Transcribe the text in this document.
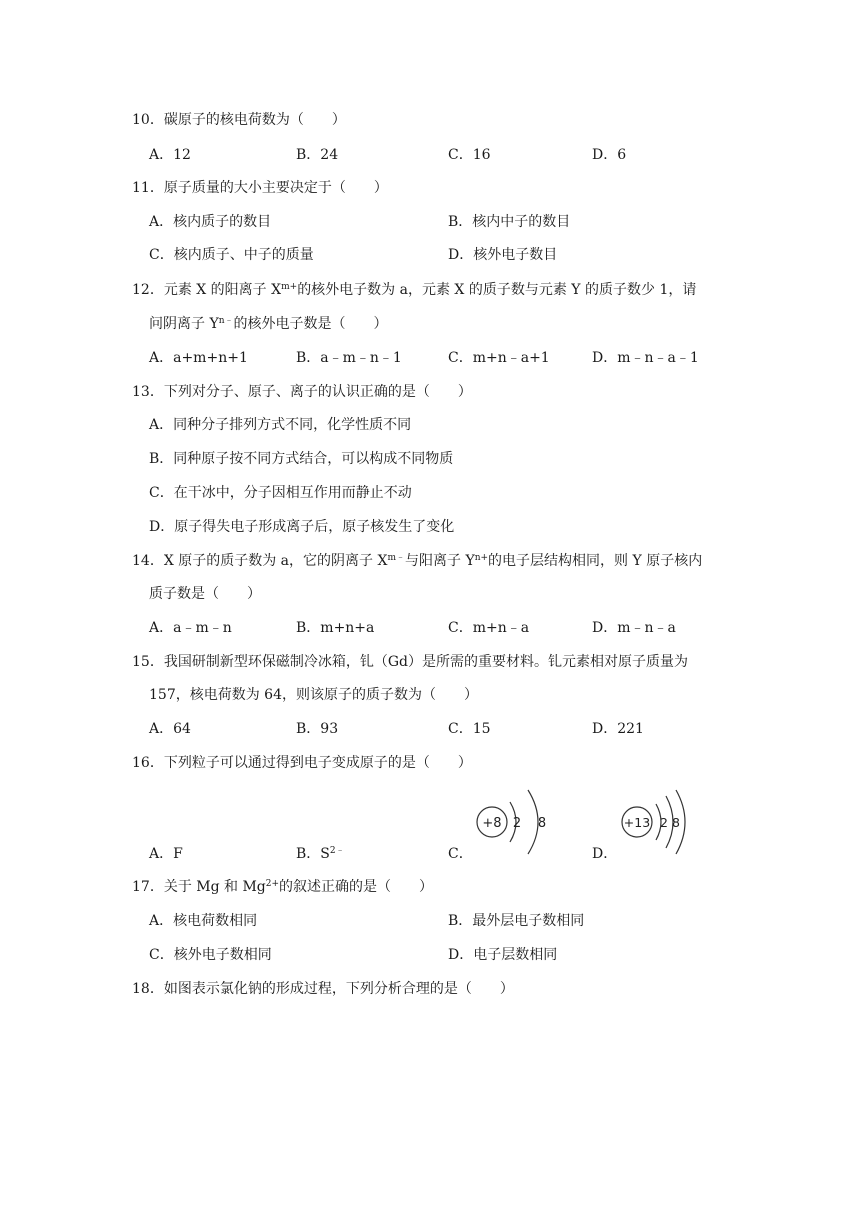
10．碳原子的核电荷数为（　　）
A．12	B．24	C．16	D．6
11．原子质量的大小主要决定于（　　）
A．核内质子的数目	B．核内中子的数目
C．核内质子、中子的质量	D．核外电子数目
12．元素 X 的阳离子 $X^{m+}$的核外电子数为 a，元素 X 的质子数与元素 Y 的质子数少 1，请
问阴离子 $Y^{n﹣}$的核外电子数是（　　）
A．a+m+n+1	B．a﹣m﹣n﹣1	C．m+n﹣a+1	D．m﹣n﹣a﹣1
13．下列对分子、原子、离子的认识正确的是（　　）
A．同种分子排列方式不同，化学性质不同
B．同种原子按不同方式结合，可以构成不同物质
C．在干冰中，分子因相互作用而静止不动
D．原子得失电子形成离子后，原子核发生了变化
14．X 原子的质子数为 a，它的阴离子 $X^{m﹣}$与阳离子 $Y^{n+}$的电子层结构相同，则 Y 原子核内
质子数是（　　）
A．a﹣m﹣n	B．m+n+a	C．m+n﹣a	D．m﹣n﹣a
15．我国研制新型环保磁制冷冰箱，钆（Gd）是所需的重要材料。钆元素相对原子质量为
157，核电荷数为 64，则该原子的质子数为（　　）
A．64	B．93	C．15	D．221
16．下列粒子可以通过得到电子变成原子的是（　　）
A．F	B．$S^{2﹣}$	C．	D．
+8 2 8	+13 2 8
17．关于 Mg 和 $Mg^{2+}$的叙述正确的是（　　）
A．核电荷数相同	B．最外层电子数相同
C．核外电子数相同	D．电子层数相同
18．如图表示氯化钠的形成过程，下列分析合理的是（　　）
